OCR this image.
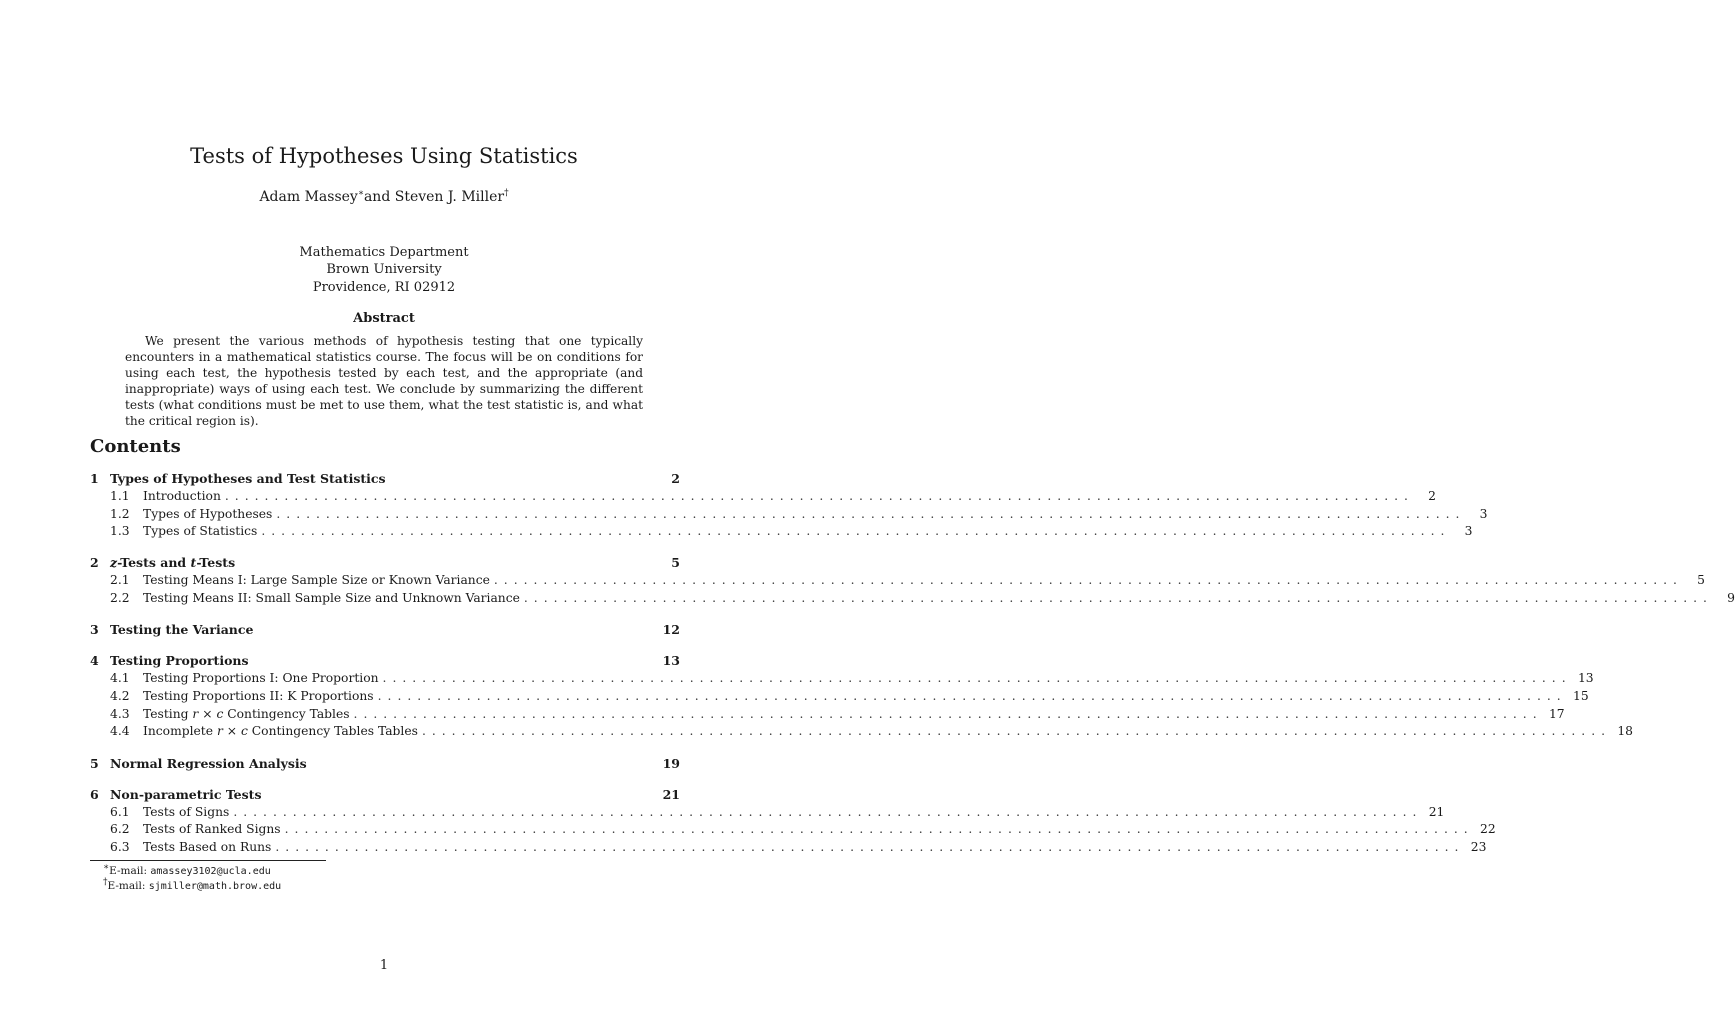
Tests of Hypotheses Using Statistics
Adam Massey∗and Steven J. Miller†
Mathematics Department
Brown University
Providence, RI 02912
Abstract
We present the various methods of hypothesis testing that one typically encounters in a mathematical statistics course. The focus will be on conditions for using each test, the hypothesis tested by each test, and the appropriate (and inappropriate) ways of using each test. We conclude by summarizing the different tests (what conditions must be met to use them, what the test statistic is, and what the critical region is).
Contents
1 Types of Hypotheses and Test Statistics	2
1.1	Introduction ........................................................................................................................	2
1.2	Types of Hypotheses ........................................................................................................................	3
1.3	Types of Statistics ........................................................................................................................	3
2 z-Tests and t-Tests	5
2.1	Testing Means I: Large Sample Size or Known Variance ........................................................................................................................	5
2.2	Testing Means II: Small Sample Size and Unknown Variance ........................................................................................................................	9
3 Testing the Variance	12
4 Testing Proportions	13
4.1	Testing Proportions I: One Proportion ........................................................................................................................ 13
4.2	Testing Proportions II: K Proportions ........................................................................................................................ 15
4.3	Testing r × c Contingency Tables ........................................................................................................................ 17
4.4	Incomplete r × c Contingency Tables Tables ........................................................................................................................ 18
5 Normal Regression Analysis	19
6 Non-parametric Tests	21
6.1	Tests of Signs ........................................................................................................................ 21
6.2	Tests of Ranked Signs ........................................................................................................................ 22
6.3	Tests Based on Runs ........................................................................................................................ 23
∗E-mail: amassey3102@ucla.edu
†E-mail: sjmiller@math.brow.edu
1
